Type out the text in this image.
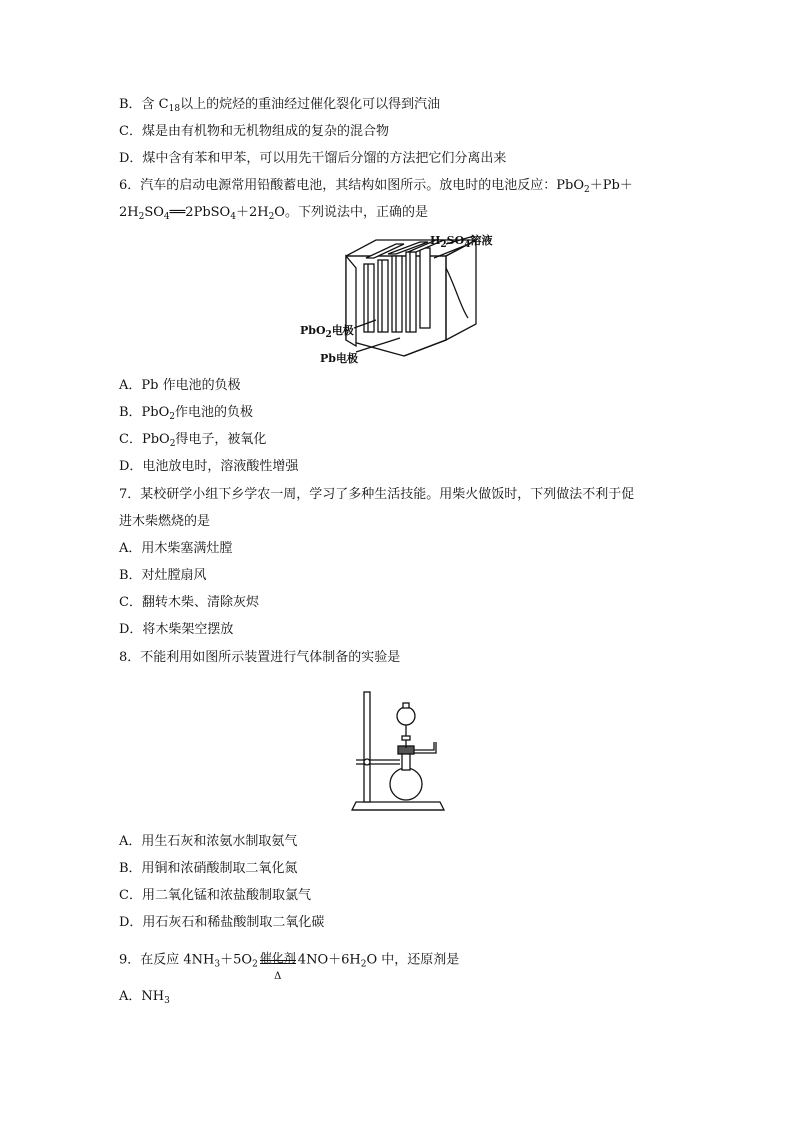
B．含 $C_{18}$以上的烷烃的重油经过催化裂化可以得到汽油
C．煤是由有机物和无机物组成的复杂的混合物
D．煤中含有苯和甲苯，可以用先干馏后分馏的方法把它们分离出来
6．汽车的启动电源常用铅酸蓄电池，其结构如图所示。放电时的电池反应：PbO$_2$＋Pb＋
$2H_2SO_4══2PbSO_4+2H_2O$。下列说法中，正确的是
$H_2SO_4$溶液
PbO$_2$电极
Pb电极
A．Pb 作电池的负极
B．PbO$_2$作电池的负极
C．PbO$_2$得电子，被氧化
D．电池放电时，溶液酸性增强
7．某校研学小组下乡学农一周，学习了多种生活技能。用柴火做饭时，下列做法不利于促
进木柴燃烧的是
A．用木柴塞满灶膛
B．对灶膛扇风
C．翻转木柴、清除灰烬
D．将木柴架空摆放
8．不能利用如图所示装置进行气体制备的实验是
A．用生石灰和浓氨水制取氨气
B．用铜和浓硝酸制取二氧化氮
C．用二氧化锰和浓盐酸制取氯气
D．用石灰石和稀盐酸制取二氧化碳
9．在反应 $4NH_3+5O_2$ 催化剂
Δ
$4NO+6H_2O$ 中，还原剂是
A．$NH_3$
